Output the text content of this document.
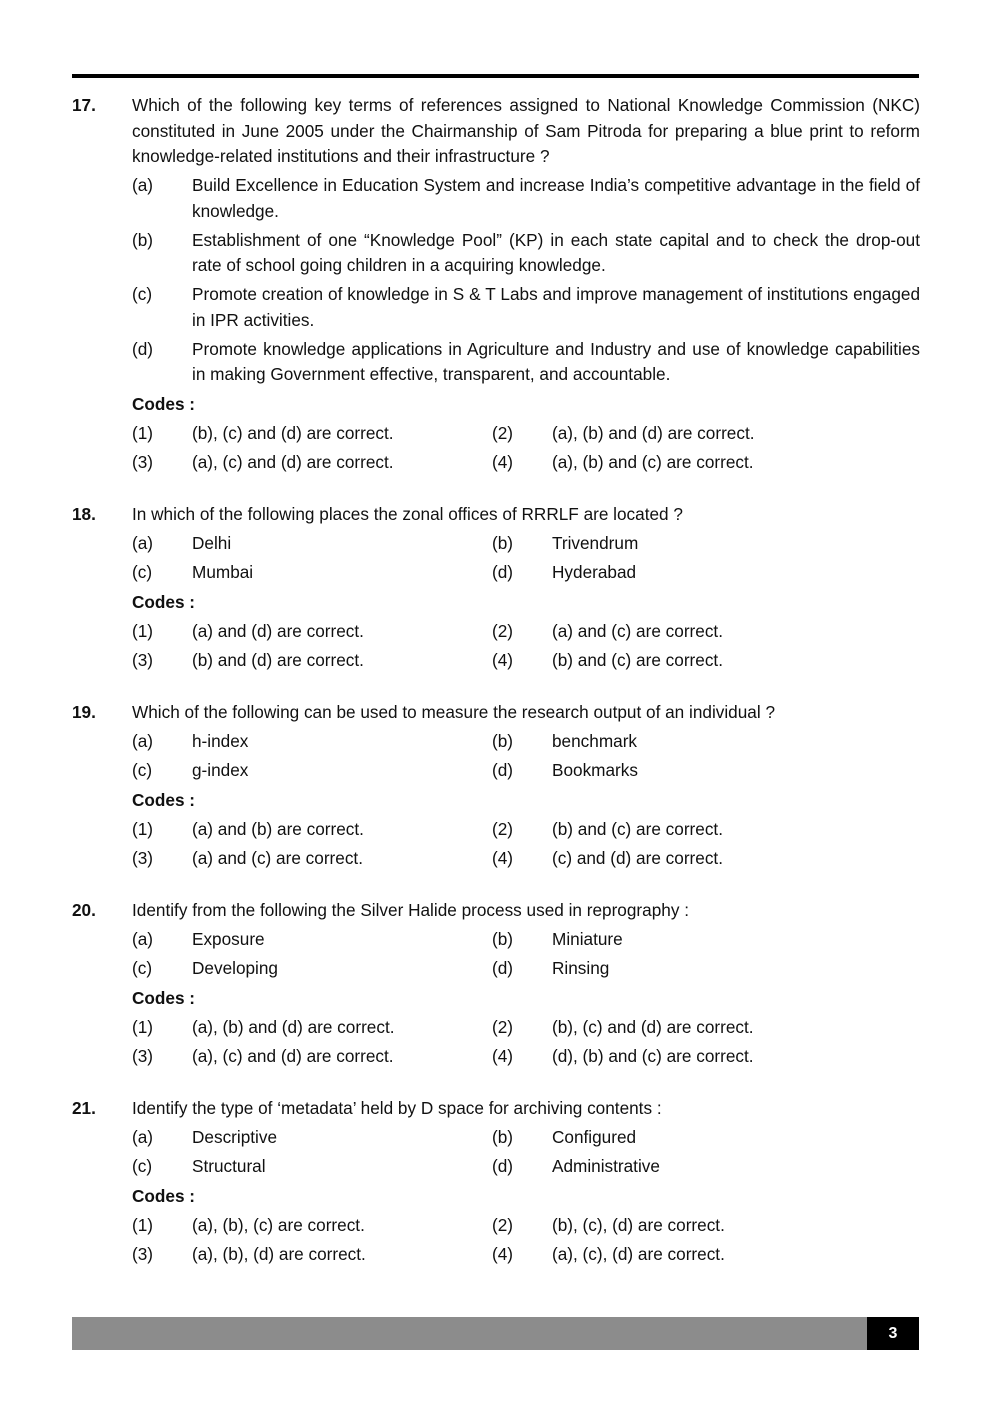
17.	Which of the following key terms of references assigned to National Knowledge Commission (NKC) constituted in June 2005 under the Chairmanship of Sam Pitroda for preparing a blue print to reform knowledge-related institutions and their infrastructure ?
(a)	Build Excellence in Education System and increase India’s competitive advantage in the field of knowledge.
(b)	Establishment of one “Knowledge Pool” (KP) in each state capital and to check the drop-out rate of school going children in a acquiring knowledge.
(c)	Promote creation of knowledge in S & T Labs and improve management of institutions engaged in IPR activities.
(d)	Promote knowledge applications in Agriculture and Industry and use of knowledge capabilities in making Government effective, transparent, and accountable.
Codes :
(1)	(b), (c) and (d) are correct.	(2)	(a), (b) and (d) are correct.
(3)	(a), (c) and (d) are correct.	(4)	(a), (b) and (c) are correct.
18.	In which of the following places the zonal offices of RRRLF are located ?
(a)	Delhi	(b)	Trivendrum
(c)	Mumbai	(d)	Hyderabad
Codes :
(1)	(a) and (d) are correct.	(2)	(a) and (c) are correct.
(3)	(b) and (d) are correct.	(4)	(b) and (c) are correct.
19.	Which of the following can be used to measure the research output of an individual ?
(a)	h-index	(b)	benchmark
(c)	g-index	(d)	Bookmarks
Codes :
(1)	(a) and (b) are correct.	(2)	(b) and (c) are correct.
(3)	(a) and (c) are correct.	(4)	(c) and (d) are correct.
20.	Identify from the following the Silver Halide process used in reprography :
(a)	Exposure	(b)	Miniature
(c)	Developing	(d)	Rinsing
Codes :
(1)	(a), (b) and (d) are correct.	(2)	(b), (c) and (d) are correct.
(3)	(a), (c) and (d) are correct.	(4)	(d), (b) and (c) are correct.
21.	Identify the type of ‘metadata’ held by D space for archiving contents :
(a)	Descriptive	(b)	Configured
(c)	Structural	(d)	Administrative
Codes :
(1)	(a), (b), (c) are correct.	(2)	(b), (c), (d) are correct.
(3)	(a), (b), (d) are correct.	(4)	(a), (c), (d) are correct.
3
